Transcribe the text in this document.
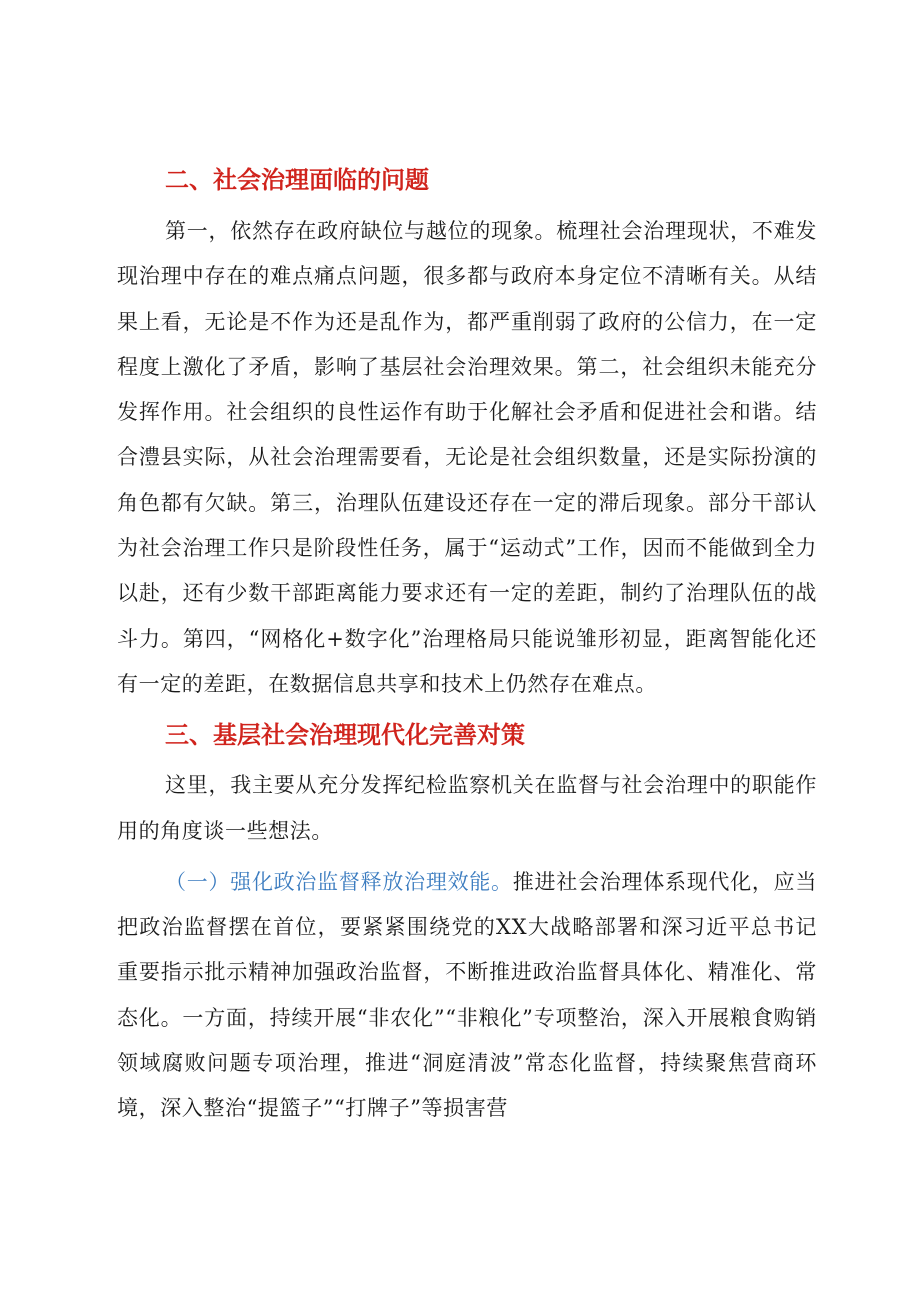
二、社会治理面临的问题

第一，依然存在政府缺位与越位的现象。梳理社会治理现状，不难发现治理中存在的难点痛点问题，很多都与政府本身定位不清晰有关。从结果上看，无论是不作为还是乱作为，都严重削弱了政府的公信力，在一定程度上激化了矛盾，影响了基层社会治理效果。第二，社会组织未能充分发挥作用。社会组织的良性运作有助于化解社会矛盾和促进社会和谐。结合澧县实际，从社会治理需要看，无论是社会组织数量，还是实际扮演的角色都有欠缺。第三，治理队伍建设还存在一定的滞后现象。部分干部认为社会治理工作只是阶段性任务，属于“运动式”工作，因而不能做到全力以赴，还有少数干部距离能力要求还有一定的差距，制约了治理队伍的战斗力。第四，“网格化+数字化”治理格局只能说雏形初显，距离智能化还有一定的差距，在数据信息共享和技术上仍然存在难点。

三、基层社会治理现代化完善对策

这里，我主要从充分发挥纪检监察机关在监督与社会治理中的职能作用的角度谈一些想法。

（一）强化政治监督释放治理效能。推进社会治理体系现代化，应当把政治监督摆在首位，要紧紧围绕党的XX大战略部署和深习近平总书记重要指示批示精神加强政治监督，不断推进政治监督具体化、精准化、常态化。一方面，持续开展“非农化”“非粮化”专项整治，深入开展粮食购销领域腐败问题专项治理，推进“洞庭清波”常态化监督，持续聚焦营商环境，深入整治“提篮子”“打牌子”等损害营
